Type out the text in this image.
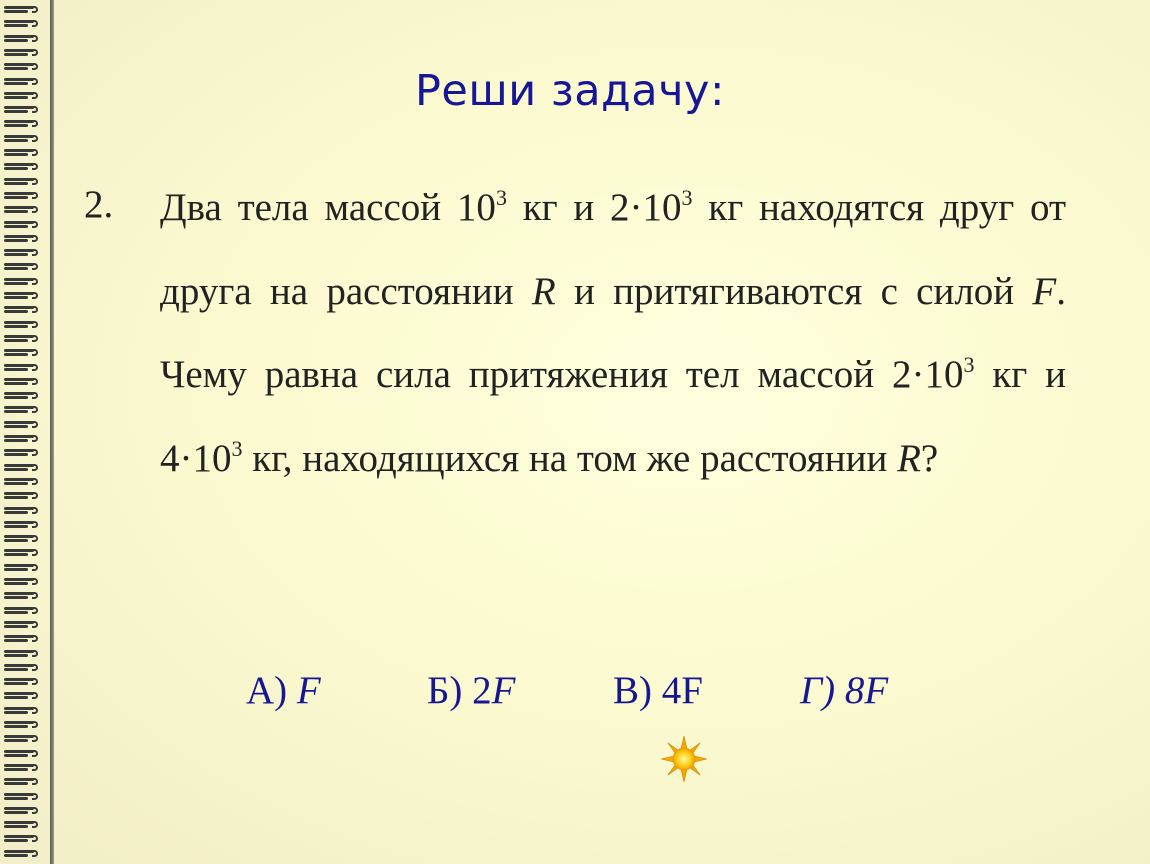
Реши задачу:
2. Два тела массой $10^3$ кг и $2\cdot 10^3$ кг находятся друг от друга на расстоянии R и притягиваются с силой F. Чему равна сила притяжения тел массой $2\cdot 10^3$ кг и $4\cdot 10^3$ кг, находящихся на том же расстоянии R?
А) F	Б) 2F	В) 4F Г) 8F
